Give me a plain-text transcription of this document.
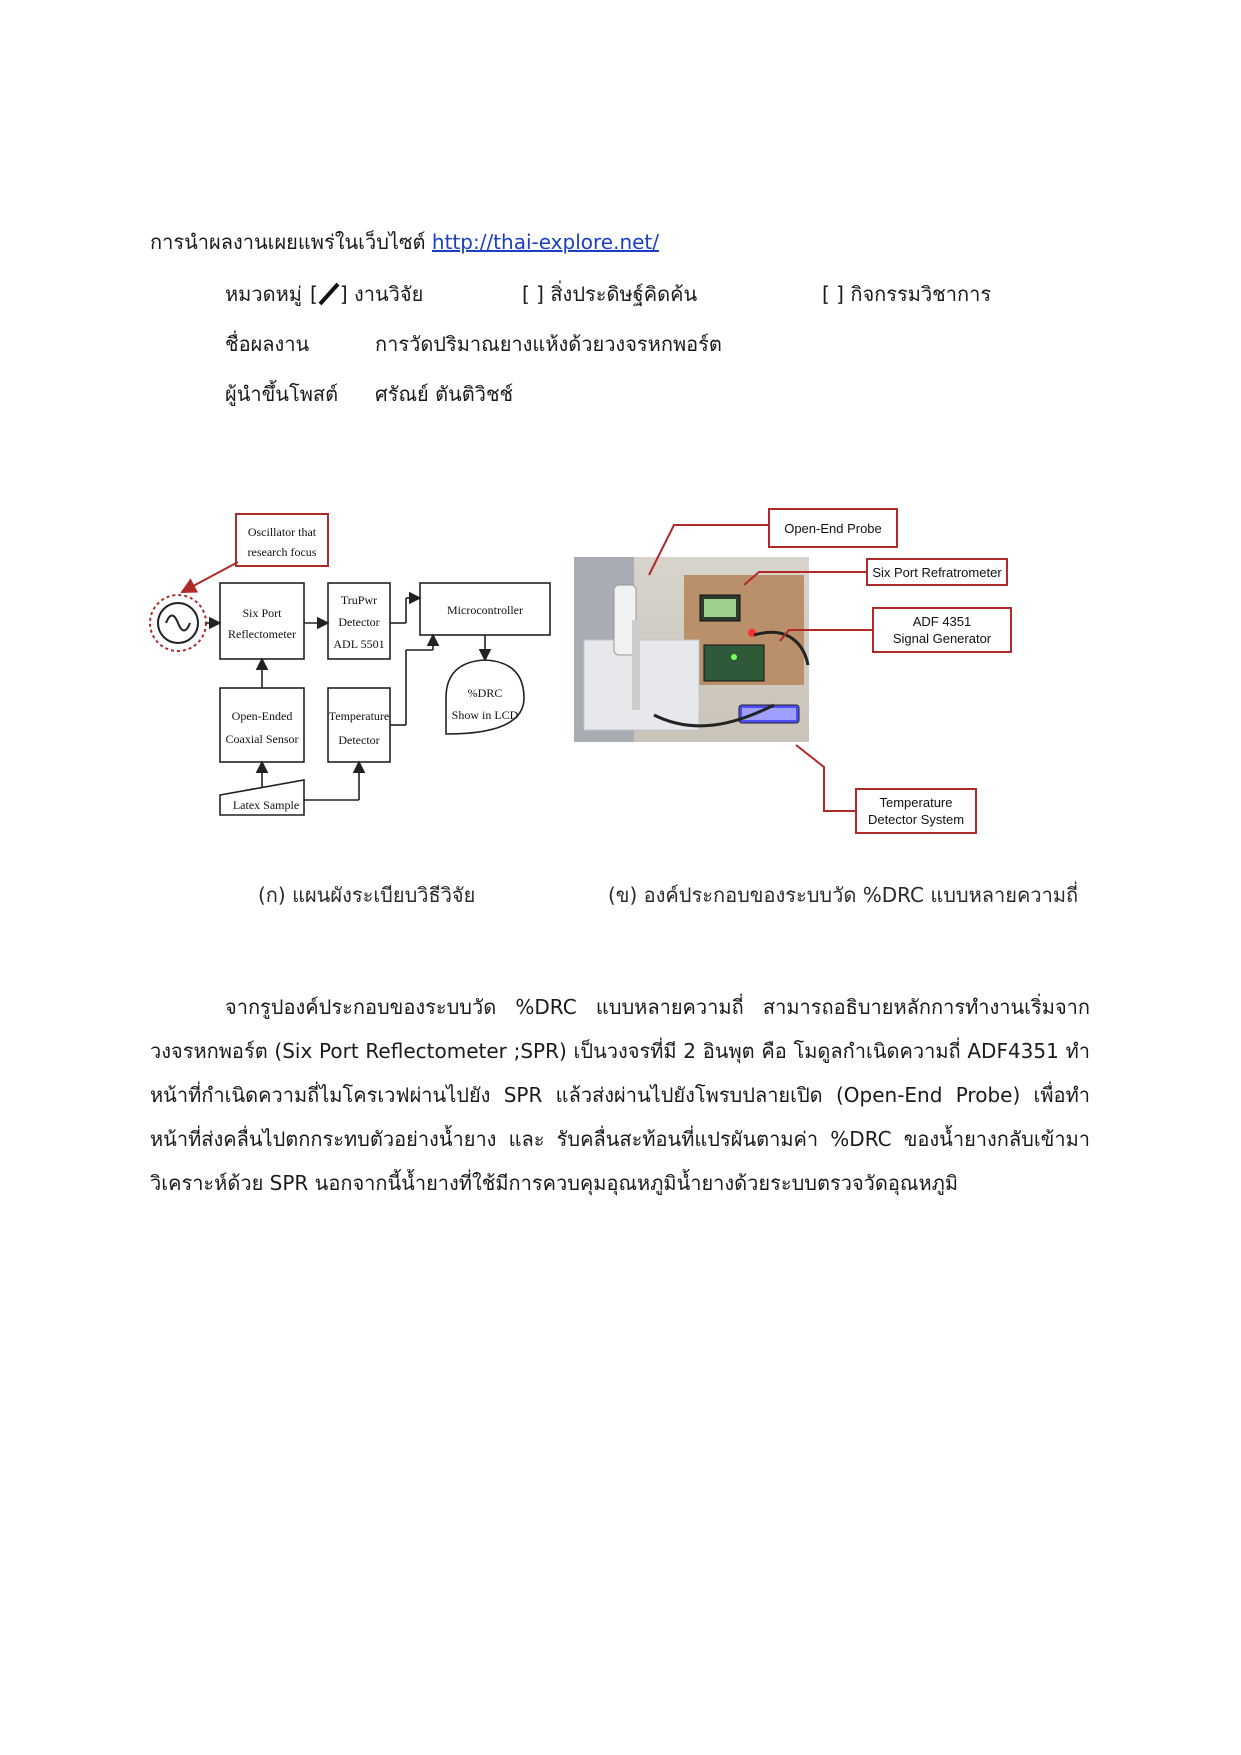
การนำผลงานเผยแพร่ในเว็บไซต์ http://thai-explore.net/
หมวดหมู่ [ ] งานวิจัย	[ ] สิ่งประดิษฐ์คิดค้น	[ ] กิจกรรมวิชาการ
ชื่อผลงาน	การวัดปริมาณยางแห้งด้วยวงจรหกพอร์ต
ผู้นำขึ้นโพสต์ ศรัณย์ ตันติวิชช์
Oscillator that
research focus
Six Port
Reflectometer
TruPwr
Detector
ADL 5501
Microcontroller
Open-Ended
Coaxial Sensor
Temperature
Detector
%DRC
Show in LCD
Latex Sample
Open-End Probe
Six Port Refratrometer
ADF 4351
Signal Generator
Temperature
Detector System
(ก) แผนผังระเบียบวิธีวิจัย	(ข) องค์ประกอบของระบบวัด %DRC แบบหลายความถี่

จากรูปองค์ประกอบของระบบวัด %DRC แบบหลายความถี่ สามารถอธิบายหลักการทำงานเริ่มจากวงจรหกพอร์ต (Six Port Reflectometer ;SPR) เป็นวงจรที่มี 2 อินพุต คือ โมดูลกำเนิดความถี่ ADF4351 ทำหน้าที่กำเนิดความถี่ไมโครเวฟผ่านไปยัง SPR แล้วส่งผ่านไปยังโพรบปลายเปิด (Open-End Probe) เพื่อทำหน้าที่ส่งคลื่นไปตกกระทบตัวอย่างน้ำยาง และ รับคลื่นสะท้อนที่แปรผันตามค่า %DRC ของน้ำยางกลับเข้ามาวิเคราะห์ด้วย SPR นอกจากนี้น้ำยางที่ใช้มีการควบคุมอุณหภูมิน้ำยางด้วยระบบตรวจวัดอุณหภูมิ
